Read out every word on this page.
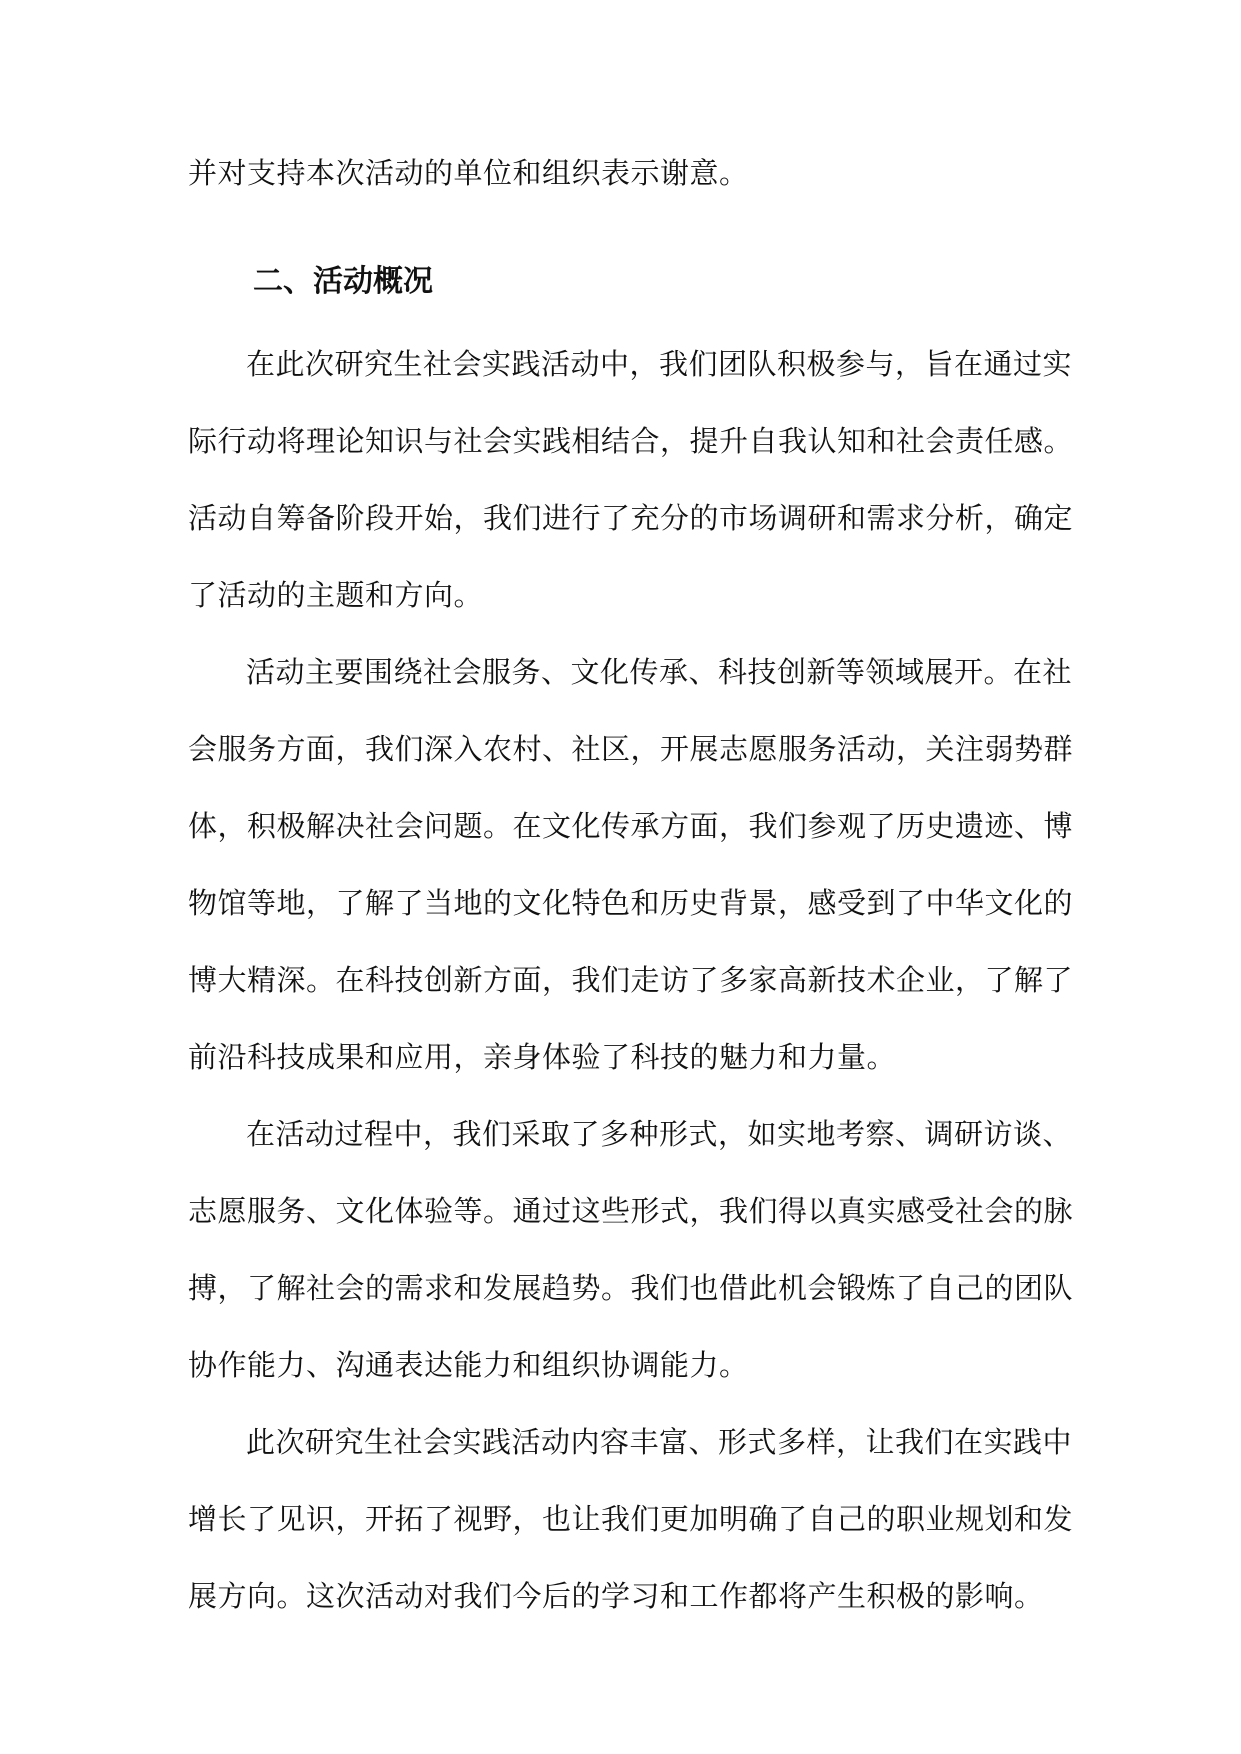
并对支持本次活动的单位和组织表示谢意。
二、活动概况
在此次研究生社会实践活动中，我们团队积极参与，旨在通过实
际行动将理论知识与社会实践相结合，提升自我认知和社会责任感。
活动自筹备阶段开始，我们进行了充分的市场调研和需求分析，确定
了活动的主题和方向。
活动主要围绕社会服务、文化传承、科技创新等领域展开。在社
会服务方面，我们深入农村、社区，开展志愿服务活动，关注弱势群
体，积极解决社会问题。在文化传承方面，我们参观了历史遗迹、博
物馆等地，了解了当地的文化特色和历史背景，感受到了中华文化的
博大精深。在科技创新方面，我们走访了多家高新技术企业，了解了
前沿科技成果和应用，亲身体验了科技的魅力和力量。
在活动过程中，我们采取了多种形式，如实地考察、调研访谈、
志愿服务、文化体验等。通过这些形式，我们得以真实感受社会的脉
搏，了解社会的需求和发展趋势。我们也借此机会锻炼了自己的团队
协作能力、沟通表达能力和组织协调能力。
此次研究生社会实践活动内容丰富、形式多样，让我们在实践中
增长了见识，开拓了视野，也让我们更加明确了自己的职业规划和发
展方向。这次活动对我们今后的学习和工作都将产生积极的影响。
